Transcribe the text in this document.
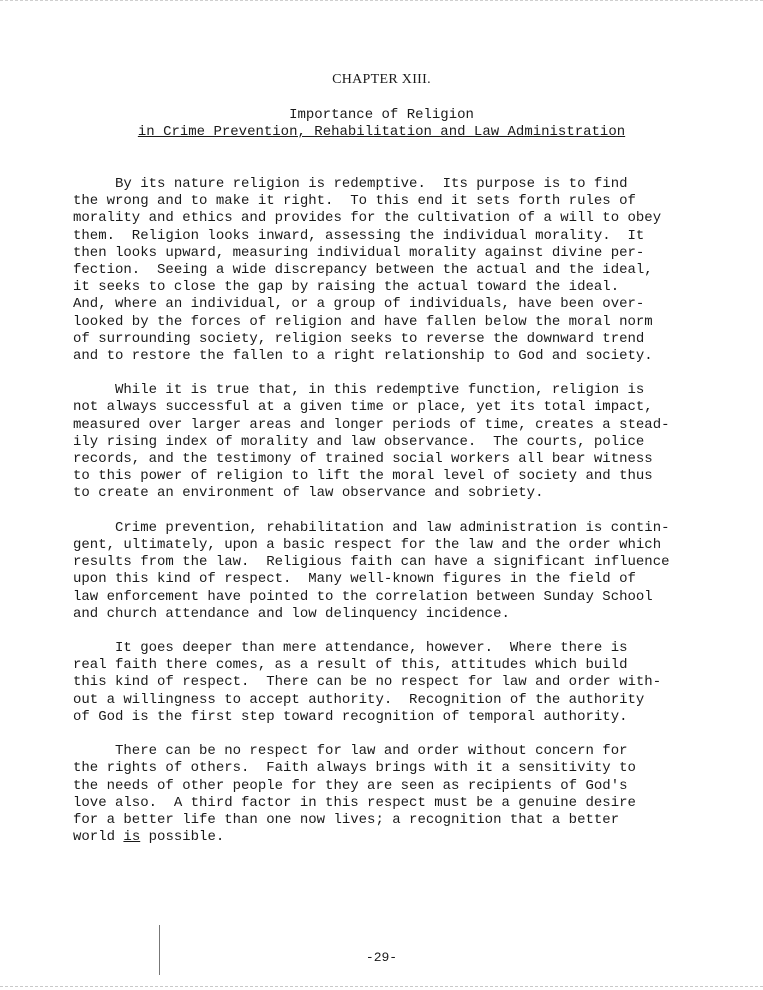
CHAPTER XIII.
Importance of Religion
in Crime Prevention, Rehabilitation and Law Administration
By its nature religion is redemptive.  Its purpose is to find
the wrong and to make it right.  To this end it sets forth rules of
morality and ethics and provides for the cultivation of a will to obey
them.  Religion looks inward, assessing the individual morality.  It
then looks upward, measuring individual morality against divine per-
fection.  Seeing a wide discrepancy between the actual and the ideal,
it seeks to close the gap by raising the actual toward the ideal.
And, where an individual, or a group of individuals, have been over-
looked by the forces of religion and have fallen below the moral norm
of surrounding society, religion seeks to reverse the downward trend
and to restore the fallen to a right relationship to God and society.
While it is true that, in this redemptive function, religion is
not always successful at a given time or place, yet its total impact,
measured over larger areas and longer periods of time, creates a stead-
ily rising index of morality and law observance.  The courts, police
records, and the testimony of trained social workers all bear witness
to this power of religion to lift the moral level of society and thus
to create an environment of law observance and sobriety.
Crime prevention, rehabilitation and law administration is contin-
gent, ultimately, upon a basic respect for the law and the order which
results from the law.  Religious faith can have a significant influence
upon this kind of respect.  Many well-known figures in the field of
law enforcement have pointed to the correlation between Sunday School
and church attendance and low delinquency incidence.
It goes deeper than mere attendance, however.  Where there is
real faith there comes, as a result of this, attitudes which build
this kind of respect.  There can be no respect for law and order with-
out a willingness to accept authority.  Recognition of the authority
of God is the first step toward recognition of temporal authority.
There can be no respect for law and order without concern for
the rights of others.  Faith always brings with it a sensitivity to
the needs of other people for they are seen as recipients of God's
love also.  A third factor in this respect must be a genuine desire
for a better life than one now lives; a recognition that a better
world is possible.
-29-
